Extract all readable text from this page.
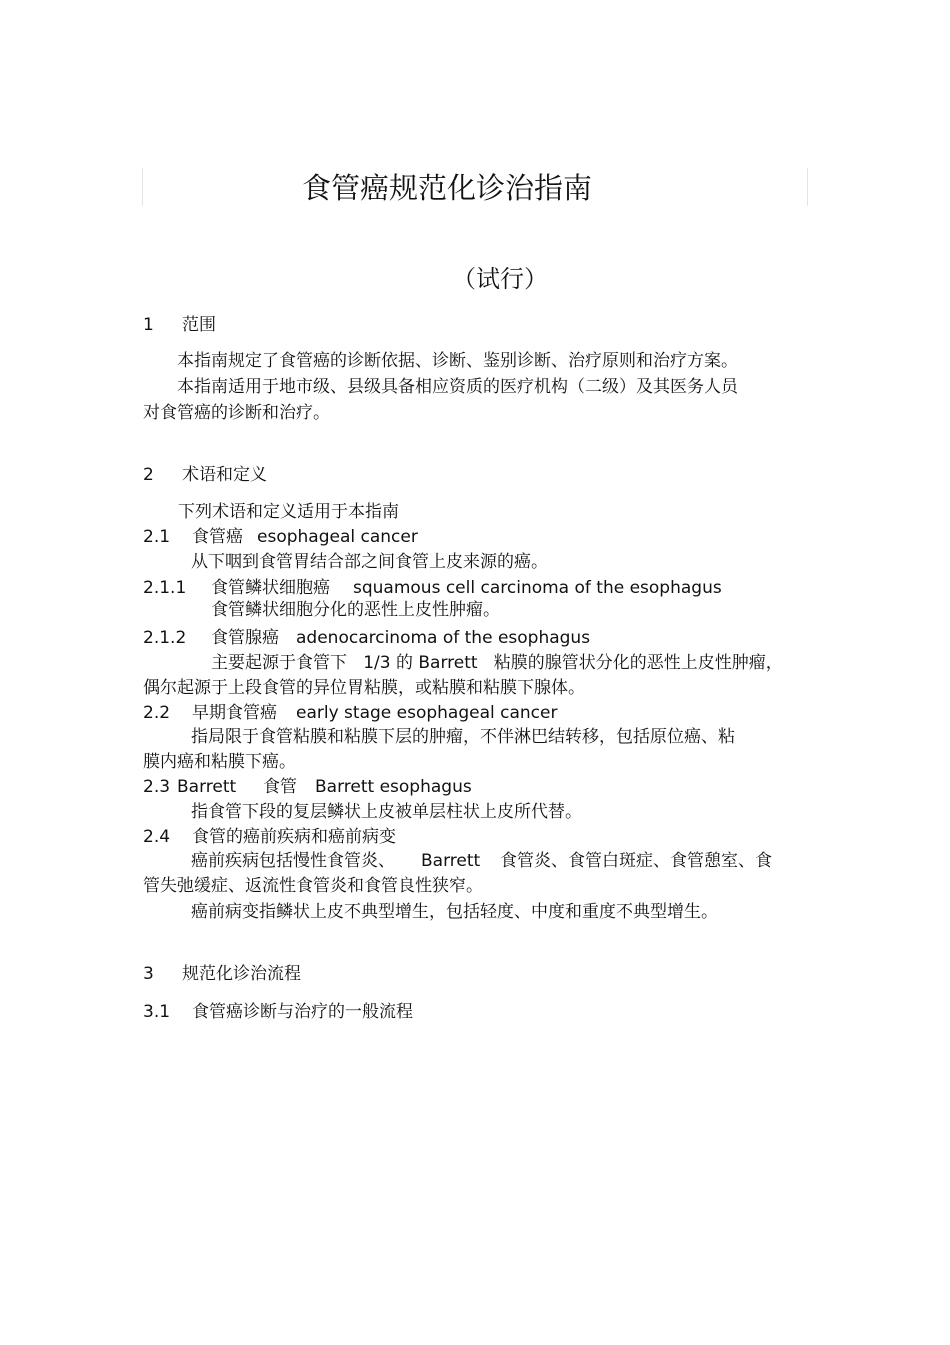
食管癌规范化诊治指南
（试行）
1 范围
本指南规定了食管癌的诊断依据、诊断、鉴别诊断、治疗原则和治疗方案。
本指南适用于地市级、县级具备相应资质的医疗机构（二级）及其医务人员
对食管癌的诊断和治疗。
2 术语和定义
下列术语和定义适用于本指南
2.1 食管癌 esophageal cancer
从下咽到食管胃结合部之间食管上皮来源的癌。
2.1.1 食管鳞状细胞癌 squamous cell carcinoma of the esophagus
食管鳞状细胞分化的恶性上皮性肿瘤。
2.1.2 食管腺癌 adenocarcinoma of the esophagus
主要起源于食管下   1/3 的 Barrett   粘膜的腺管状分化的恶性上皮性肿瘤，
偶尔起源于上段食管的异位胃粘膜，或粘膜和粘膜下腺体。
2.2 早期食管癌 early stage esophageal cancer
指局限于食管粘膜和粘膜下层的肿瘤，不伴淋巴结转移，包括原位癌、粘
膜内癌和粘膜下癌。
2.3 Barrett 食管 Barrett esophagus
指食管下段的复层鳞状上皮被单层柱状上皮所代替。
2.4 食管的癌前疾病和癌前病变
癌前疾病包括慢性食管炎、 Barrett 食管炎、食管白斑症、食管憩室、食
管失弛缓症、返流性食管炎和食管良性狭窄。
癌前病变指鳞状上皮不典型增生，包括轻度、中度和重度不典型增生。
3 规范化诊治流程
3.1 食管癌诊断与治疗的一般流程
